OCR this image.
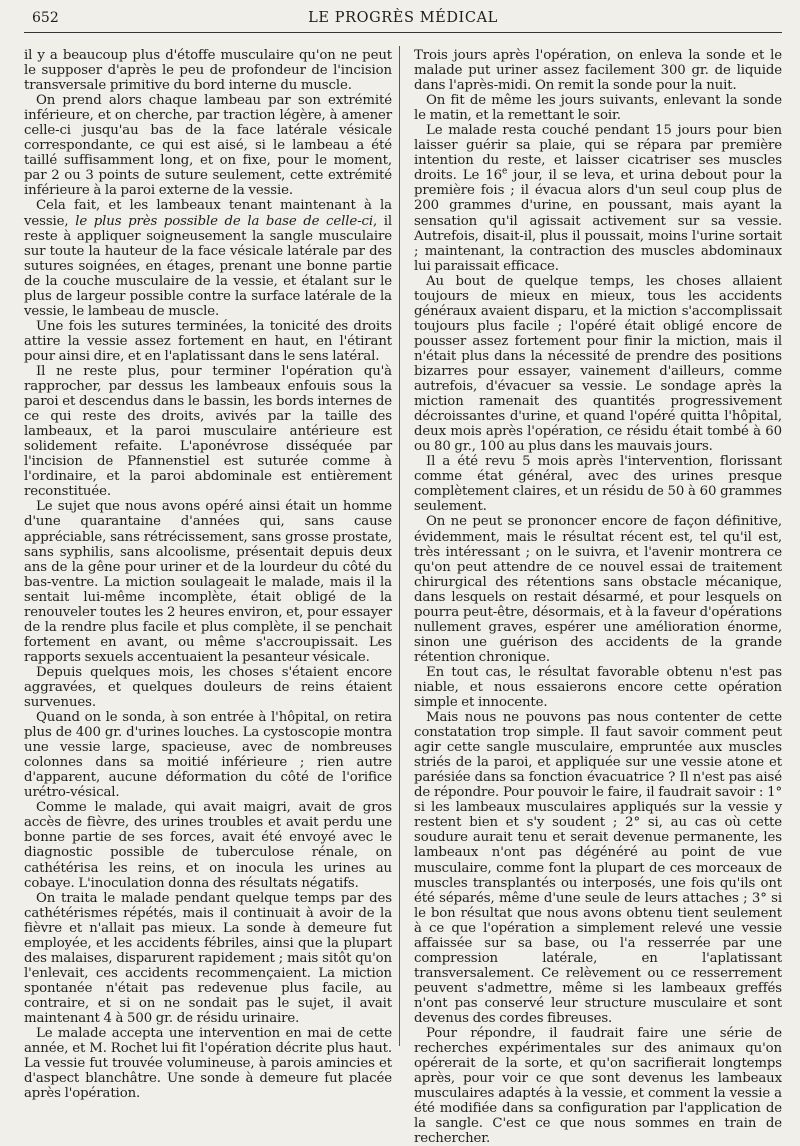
652	LE PROGRÈS MÉDICAL

il y a beaucoup plus d'étoffe musculaire qu'on ne peut le supposer d'après le peu de profondeur de l'incision transversale primitive du bord interne du muscle.

On prend alors chaque lambeau par son extrémité inférieure, et on cherche, par traction légère, à amener celle-ci jusqu'au bas de la face latérale vésicale correspondante, ce qui est aisé, si le lambeau a été taillé suffisamment long, et on fixe, pour le moment, par 2 ou 3 points de suture seulement, cette extrémité inférieure à la paroi externe de la vessie.

Cela fait, et les lambeaux tenant maintenant à la vessie, le plus près possible de la base de celle-ci, il reste à appliquer soigneusement la sangle musculaire sur toute la hauteur de la face vésicale latérale par des sutures soignées, en étages, prenant une bonne partie de la couche musculaire de la vessie, et étalant sur le plus de largeur possible contre la surface latérale de la vessie, le lambeau de muscle.

Une fois les sutures terminées, la tonicité des droits attire la vessie assez fortement en haut, en l'étirant pour ainsi dire, et en l'aplatissant dans le sens latéral.

Il ne reste plus, pour terminer l'opération qu'à rapprocher, par dessus les lambeaux enfouis sous la paroi et descendus dans le bassin, les bords internes de ce qui reste des droits, avivés par la taille des lambeaux, et la paroi musculaire antérieure est solidement refaite. L'aponévrose disséquée par l'incision de Pfannenstiel est suturée comme à l'ordinaire, et la paroi abdominale est entièrement reconstituée.

Le sujet que nous avons opéré ainsi était un homme d'une quarantaine d'années qui, sans cause appréciable, sans rétrécissement, sans grosse prostate, sans syphilis, sans alcoolisme, présentait depuis deux ans de la gêne pour uriner et de la lourdeur du côté du bas-ventre. La miction soulageait le malade, mais il la sentait lui-même incomplète, était obligé de la renouveler toutes les 2 heures environ, et, pour essayer de la rendre plus facile et plus complète, il se penchait fortement en avant, ou même s'accroupissait. Les rapports sexuels accentuaient la pesanteur vésicale.

Depuis quelques mois, les choses s'étaient encore aggravées, et quelques douleurs de reins étaient survenues.

Quand on le sonda, à son entrée à l'hôpital, on retira plus de 400 gr. d'urines louches. La cystoscopie montra une vessie large, spacieuse, avec de nombreuses colonnes dans sa moitié inférieure ; rien autre d'apparent, aucune déformation du côté de l'orifice urétro-vésical.

Comme le malade, qui avait maigri, avait de gros accès de fièvre, des urines troubles et avait perdu une bonne partie de ses forces, avait été envoyé avec le diagnostic possible de tuberculose rénale, on cathétérisa les reins, et on inocula les urines au cobaye. L'inoculation donna des résultats négatifs.

On traita le malade pendant quelque temps par des cathétérismes répétés, mais il continuait à avoir de la fièvre et n'allait pas mieux. La sonde à demeure fut employée, et les accidents fébriles, ainsi que la plupart des malaises, disparurent rapidement ; mais sitôt qu'on l'enlevait, ces accidents recommençaient. La miction spontanée n'était pas redevenue plus facile, au contraire, et si on ne sondait pas le sujet, il avait maintenant 4 à 500 gr. de résidu urinaire.

Le malade accepta une intervention en mai de cette année, et M. Rochet lui fit l'opération décrite plus haut. La vessie fut trouvée volumineuse, à parois amincies et d'aspect blanchâtre. Une sonde à demeure fut placée après l'opération.

Trois jours après l'opération, on enleva la sonde et le malade put uriner assez facilement 300 gr. de liquide dans l'après-midi. On remit la sonde pour la nuit.

On fit de même les jours suivants, enlevant la sonde le matin, et la remettant le soir.

Le malade resta couché pendant 15 jours pour bien laisser guérir sa plaie, qui se répara par première intention du reste, et laisser cicatriser ses muscles droits. Le 16e jour, il se leva, et urina debout pour la première fois ; il évacua alors d'un seul coup plus de 200 grammes d'urine, en poussant, mais ayant la sensation qu'il agissait activement sur sa vessie. Autrefois, disait-il, plus il poussait, moins l'urine sortait ; maintenant, la contraction des muscles abdominaux lui paraissait efficace.

Au bout de quelque temps, les choses allaient toujours de mieux en mieux, tous les accidents généraux avaient disparu, et la miction s'accomplissait toujours plus facile ; l'opéré était obligé encore de pousser assez fortement pour finir la miction, mais il n'était plus dans la nécessité de prendre des positions bizarres pour essayer, vainement d'ailleurs, comme autrefois, d'évacuer sa vessie. Le sondage après la miction ramenait des quantités progressivement décroissantes d'urine, et quand l'opéré quitta l'hôpital, deux mois après l'opération, ce résidu était tombé à 60 ou 80 gr., 100 au plus dans les mauvais jours.

Il a été revu 5 mois après l'intervention, florissant comme état général, avec des urines presque complètement claires, et un résidu de 50 à 60 grammes seulement.

On ne peut se prononcer encore de façon définitive, évidemment, mais le résultat récent est, tel qu'il est, très intéressant ; on le suivra, et l'avenir montrera ce qu'on peut attendre de ce nouvel essai de traitement chirurgical des rétentions sans obstacle mécanique, dans lesquels on restait désarmé, et pour lesquels on pourra peut-être, désormais, et à la faveur d'opérations nullement graves, espérer une amélioration énorme, sinon une guérison des accidents de la grande rétention chronique.

En tout cas, le résultat favorable obtenu n'est pas niable, et nous essaierons encore cette opération simple et innocente.

Mais nous ne pouvons pas nous contenter de cette constatation trop simple. Il faut savoir comment peut agir cette sangle musculaire, empruntée aux muscles striés de la paroi, et appliquée sur une vessie atone et parésiée dans sa fonction évacuatrice ? Il n'est pas aisé de répondre. Pour pouvoir le faire, il faudrait savoir : 1° si les lambeaux musculaires appliqués sur la vessie y restent bien et s'y soudent ; 2° si, au cas où cette soudure aurait tenu et serait devenue permanente, les lambeaux n'ont pas dégénéré au point de vue musculaire, comme font la plupart de ces morceaux de muscles transplantés ou interposés, une fois qu'ils ont été séparés, même d'une seule de leurs attaches ; 3° si le bon résultat que nous avons obtenu tient seulement à ce que l'opération a simplement relevé une vessie affaissée sur sa base, ou l'a resserrée par une compression latérale, en l'aplatissant transversalement. Ce relèvement ou ce resserrement peuvent s'admettre, même si les lambeaux greffés n'ont pas conservé leur structure musculaire et sont devenus des cordes fibreuses.

Pour répondre, il faudrait faire une série de recherches expérimentales sur des animaux qu'on opérerait de la sorte, et qu'on sacrifierait longtemps après, pour voir ce que sont devenus les lambeaux musculaires adaptés à la vessie, et comment la vessie a été modifiée dans sa configuration par l'application de la sangle. C'est ce que nous sommes en train de rechercher.
